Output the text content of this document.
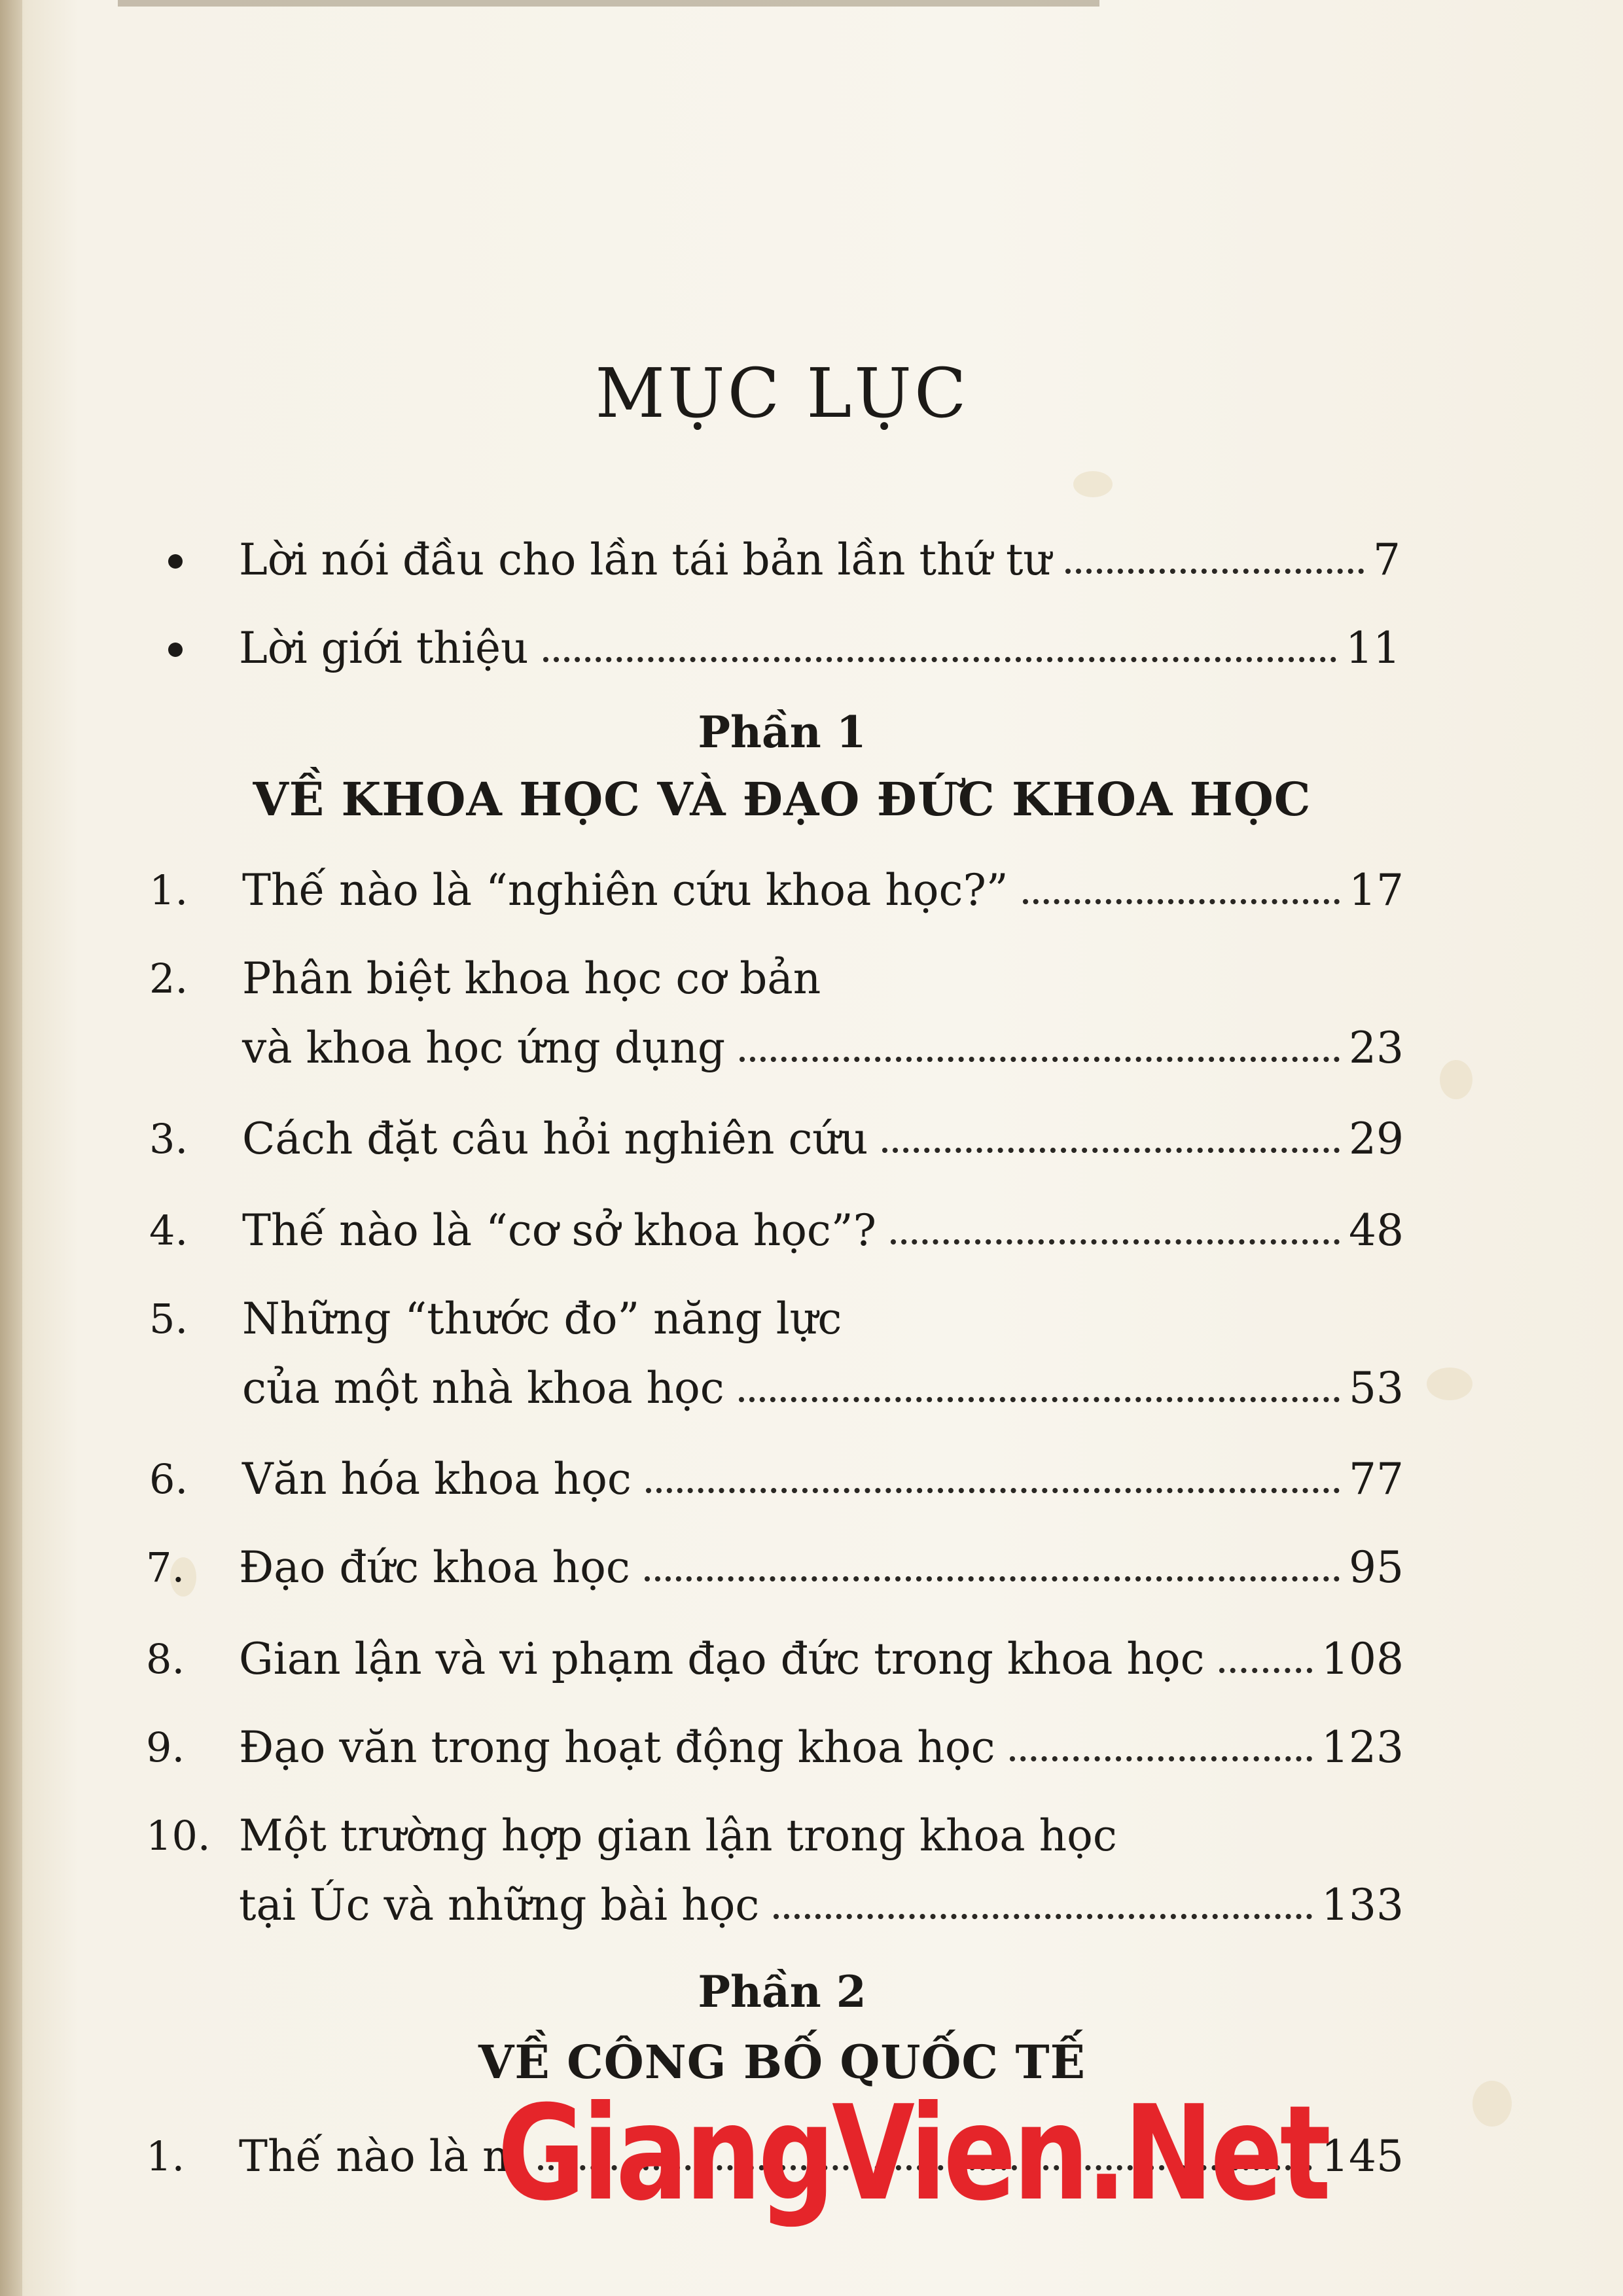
MỤC LỤC
Lời nói đầu cho lần tái bản lần thứ tư	7
Lời giới thiệu	11
Phần 1
VỀ KHOA HỌC VÀ ĐẠO ĐỨC KHOA HỌC
1. Thế nào là “nghiên cứu khoa học?”	17
2. Phân biệt khoa học cơ bản
và khoa học ứng dụng	23
3. Cách đặt câu hỏi nghiên cứu	29
4. Thế nào là “cơ sở khoa học”?	48
5. Những “thước đo” năng lực
của một nhà khoa học	53
6. Văn hóa khoa học	77
7. Đạo đức khoa học	95
8. Gian lận và vi phạm đạo đức trong khoa học	108
9. Đạo văn trong hoạt động khoa học	123
10. Một trường hợp gian lận trong khoa học
tại Úc và những bài học	133
Phần 2
VỀ CÔNG BỐ QUỐC TẾ
1. Thế nào là m	145
GiangVien.Net
